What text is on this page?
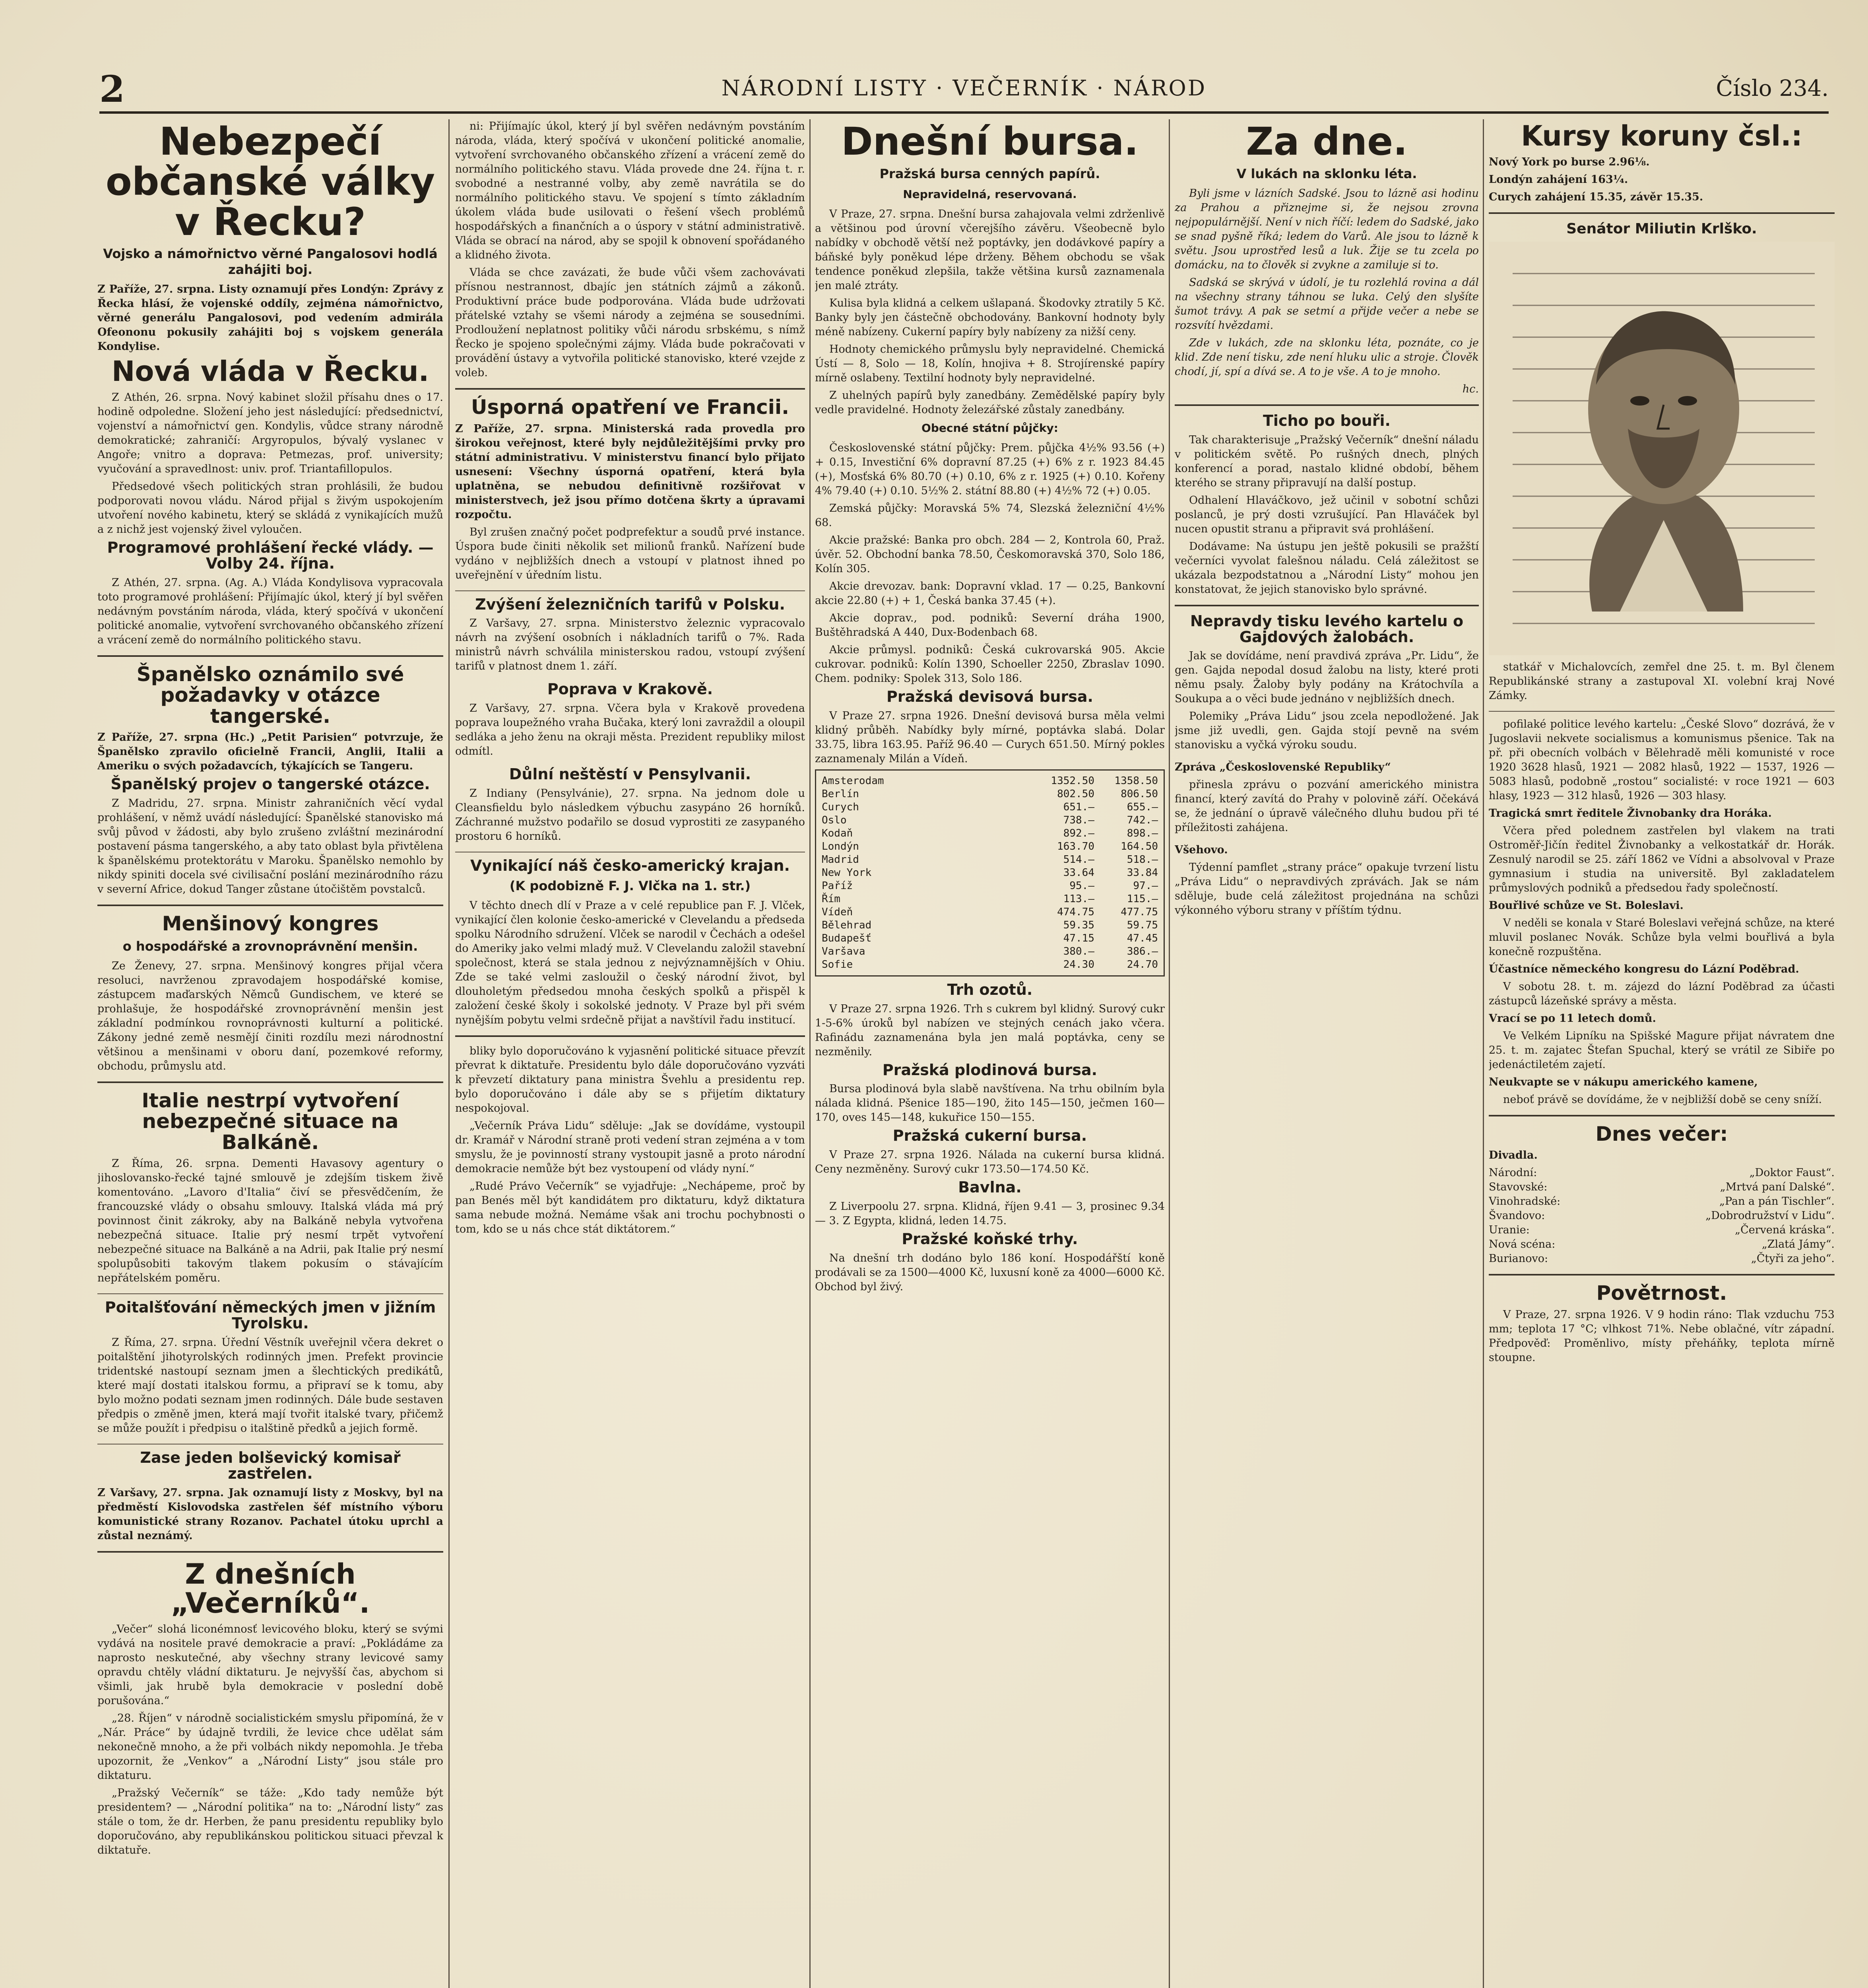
2	NÁRODNÍ LISTY · VEČERNÍK · NÁROD	Číslo 234.
Nebezpečí občanské války v Řecku?
Vojsko a námořnictvo věrné Pangalosovi hodlá zahájiti boj.
Z Paříže, 27. srpna. Listy oznamují přes Londýn: Zprávy z Řecka hlásí, že vojenské oddíly, zejména námořnictvo, věrné generálu Pangalosovi, pod vedením admirála Ofeononu pokusily zahájiti boj s vojskem generála Kondylise.
Nová vláda v Řecku.

Z Athén, 26. srpna. Nový kabinet složil přísahu dnes o 17. hodině odpoledne. Složení jeho jest následující: předsednictví, vojenství a námořnictví gen. Kondylis, vůdce strany národně demokratické; zahraničí: Argyropulos, bývalý vyslanec v Angoře; vnitro a doprava: Petmezas, prof. university; vyučování a spravedlnost: univ. prof. Triantafillopulos.

Předsedové všech politických stran prohlásili, že budou podporovati novou vládu. Národ přijal s živým uspokojením utvoření nového kabinetu, který se skládá z vynikajících mužů a z nichž jest vojenský živel vyloučen.

Programové prohlášení řecké vlády. — Volby 24. října.

Z Athén, 27. srpna. (Ag. A.) Vláda Kondylisova vypracovala toto programové prohlášení: Přijímajíc úkol, který jí byl svěřen nedávným povstáním národa, vláda, který spočívá v ukončení politické anomalie, vytvoření svrchovaného občanského zřízení a vrácení země do normálního politického stavu.

Španělsko oznámilo své požadavky v otázce tangerské.
Z Paříže, 27. srpna (Hc.) „Petit Parisien“ potvrzuje, že Španělsko zpravilo oficielně Francii, Anglii, Italii a Ameriku o svých požadavcích, týkajících se Tangeru.
Španělský projev o tangerské otázce.

Z Madridu, 27. srpna. Ministr zahraničních věcí vydal prohlášení, v němž uvádí následující: Španělské stanovisko má svůj původ v žádosti, aby bylo zrušeno zvláštní mezinárodní postavení pásma tangerského, a aby tato oblast byla přivtělena k španělskému protektorátu v Maroku. Španělsko nemohlo by nikdy spiniti docela své civilisační poslání mezinárodního rázu v severní Africe, dokud Tanger zůstane útočištěm povstalců.

Menšinový kongres
o hospodářské a zrovnoprávnění menšin.

Ze Ženevy, 27. srpna. Menšinový kongres přijal včera resoluci, navrženou zpravodajem hospodářské komise, zástupcem maďarských Němců Gundischem, ve které se prohlašuje, že hospodářské zrovnoprávnění menšin jest základní podmínkou rovnoprávnosti kulturní a politické. Zákony jedné země nesmějí činiti rozdílu mezi národnostní většinou a menšinami v oboru daní, pozemkové reformy, obchodu, průmyslu atd.

Italie nestrpí vytvoření nebezpečné situace na Balkáně.

Z Říma, 26. srpna. Dementi Havasovy agentury o jihoslovansko-řecké tajné smlouvě je zdejším tiskem živě komentováno. „Lavoro d'Italia“ čiví se přesvědčením, že francouzské vlády o obsahu smlouvy. Italská vláda má prý povinnost činit zákroky, aby na Balkáně nebyla vytvořena nebezpečná situace. Italie prý nesmí trpět vytvoření nebezpečné situace na Balkáně a na Adrii, pak Italie prý nesmí spolupůsobiti takovým tlakem pokusím o stávajícím nepřátelském poměru.

Poitalšťování německých jmen v jižním Tyrolsku.

Z Říma, 27. srpna. Úřední Věstník uveřejnil včera dekret o poitalštění jihotyrolských rodinných jmen. Prefekt provincie tridentské nastoupí seznam jmen a šlechtických predikátů, které mají dostati italskou formu, a připraví se k tomu, aby bylo možno podati seznam jmen rodinných. Dále bude sestaven předpis o změně jmen, která mají tvořit italské tvary, přičemž se může použít i předpisu o italštině předků a jejich formě.

Zase jeden bolševický komisař zastřelen.
Z Varšavy, 27. srpna. Jak oznamují listy z Moskvy, byl na předměstí Kislovodska zastřelen šéf místního výboru komunistické strany Rozanov. Pachatel útoku uprchl a zůstal neznámý.
Z dnešních „Večerníků“.

„Večer“ slohá liconémnosť levicového bloku, který se svými vydává na nositele pravé demokracie a praví: „Pokládáme za naprosto neskutečné, aby všechny strany levicové samy opravdu chtěly vládní diktaturu. Je nejvyšší čas, abychom si všimli, jak hrubě byla demokracie v poslední době porušována.“

„28. Říjen“ v národně socialistickém smyslu připomíná, že v „Nár. Práce“ by údajně tvrdili, že levice chce udělat sám nekonečně mnoho, a že při volbách nikdy nepomohla. Je třeba upozornit, že „Venkov“ a „Národní Listy“ jsou stále pro diktaturu.

„Pražský Večerník“ se táže: „Kdo tady nemůže být presidentem? — „Národní politika“ na to: „Národní listy“ zas stále o tom, že dr. Herben, že panu presidentu republiky bylo doporučováno, aby republikánskou politickou situaci převzal k diktatuře.

ni: Přijímajíc úkol, který jí byl svěřen nedávným povstáním národa, vláda, který spočívá v ukončení politické anomalie, vytvoření svrchovaného občanského zřízení a vrácení země do normálního politického stavu. Vláda provede dne 24. října t. r. svobodné a nestranné volby, aby země navrátila se do normálního politického stavu. Ve spojení s tímto základním úkolem vláda bude usilovati o řešení všech problémů hospodářských a finančních a o úspory v státní administrativě. Vláda se obrací na národ, aby se spojil k obnovení spořádaného a klidného života.

Vláda se chce zavázati, že bude vůči všem zachovávati přísnou nestrannost, dbajíc jen státních zájmů a zákonů. Produktivní práce bude podporována. Vláda bude udržovati přátelské vztahy se všemi národy a zejména se sousedními. Prodloužení neplatnost politiky vůči národu srbskému, s nímž Řecko je spojeno společnými zájmy. Vláda bude pokračovati v provádění ústavy a vytvořila politické stanovisko, které vzejde z voleb.

Úsporná opatření ve Francii.
Z Paříže, 27. srpna. Ministerská rada provedla pro širokou veřejnost, které byly nejdůležitějšími prvky pro státní administrativu. V ministerstvu financí bylo přijato usnesení: Všechny úsporná opatření, která byla uplatněna, se nebudou definitivně rozšiřovat v ministerstvech, jež jsou přímo dotčena škrty a úpravami rozpočtu.

Byl zrušen značný počet podprefektur a soudů prvé instance. Úspora bude činiti několik set milionů franků. Nařízení bude vydáno v nejbližších dnech a vstoupí v platnost ihned po uveřejnění v úředním listu.

Zvýšení železničních tarifů v Polsku.

Z Varšavy, 27. srpna. Ministerstvo železnic vypracovalo návrh na zvýšení osobních i nákladních tarifů o 7%. Rada ministrů návrh schválila ministerskou radou, vstoupí zvýšení tarifů v platnost dnem 1. září.

Poprava v Krakově.

Z Varšavy, 27. srpna. Včera byla v Krakově provedena poprava loupežného vraha Bučaka, který loni zavraždil a oloupil sedláka a jeho ženu na okraji města. Prezident republiky milost odmítl.

Důlní neštěstí v Pensylvanii.

Z Indiany (Pensylvánie), 27. srpna. Na jednom dole u Cleansfieldu bylo následkem výbuchu zasypáno 26 horníků. Záchranné mužstvo podařilo se dosud vyprostiti ze zasypaného prostoru 6 horníků.

Vynikající náš česko-americký krajan.
(K podobizně F. J. Vlčka na 1. str.)

V těchto dnech dlí v Praze a v celé republice pan F. J. Vlček, vynikající člen kolonie česko-americké v Clevelandu a předseda spolku Národního sdružení. Vlček se narodil v Čechách a odešel do Ameriky jako velmi mladý muž. V Clevelandu založil stavební společnost, která se stala jednou z nejvýznamnějších v Ohiu. Zde se také velmi zasloužil o český národní život, byl dlouholetým předsedou mnoha českých spolků a přispěl k založení české školy i sokolské jednoty. V Praze byl při svém nynějším pobytu velmi srdečně přijat a navštívil řadu institucí.

bliky bylo doporučováno k vyjasnění politické situace převzít převrat k diktatuře. Presidentu bylo dále doporučováno vyzváti k převzetí diktatury pana ministra Švehlu a presidentu rep. bylo doporučováno i dále aby se s přijetím diktatury nespokojoval.

„Večerník Práva Lidu“ sděluje: „Jak se dovídáme, vystoupil dr. Kramář v Národní straně proti vedení stran zejména a v tom smyslu, že je povinností strany vystoupit jasně a proto národní demokracie nemůže být bez vystoupení od vlády nyní.“

„Rudé Právo Večerník“ se vyjadřuje: „Nechápeme, proč by pan Benés měl být kandidátem pro diktaturu, když diktatura sama nebude možná. Nemáme však ani trochu pochybnosti o tom, kdo se u nás chce stát diktátorem.“

Dnešní bursa.
Pražská bursa cenných papírů.
Nepravidelná, reservovaná.

V Praze, 27. srpna. Dnešní bursa zahajovala velmi zdrženlivě a většinou pod úrovní včerejšího závěru. Všeobecně bylo nabídky v obchodě větší než poptávky, jen dodávkové papíry a báňské byly poněkud lépe drženy. Během obchodu se však tendence poněkud zlepšila, takže většina kursů zaznamenala jen malé ztráty.

Kulisa byla klidná a celkem ušlapaná. Škodovky ztratily 5 Kč. Banky byly jen částečně obchodovány. Bankovní hodnoty byly méně nabízeny. Cukerní papíry byly nabízeny za nižší ceny.

Hodnoty chemického průmyslu byly nepravidelné. Chemická Ústí — 8, Solo — 18, Kolín, hnojiva + 8. Strojírenské papíry mírně oslabeny. Textilní hodnoty byly nepravidelné.

Z uhelných papírů byly zanedbány. Zemědělské papíry byly vedle pravidelné. Hodnoty železářské zůstaly zanedbány.

Obecné státní půjčky:

Československé státní půjčky: Prem. půjčka 4½% 93.56 (+) + 0.15, Investiční 6% dopravní 87.25 (+) 6% z r. 1923 84.45 (+), Mosťská 6% 80.70 (+) 0.10, 6% z r. 1925 (+) 0.10. Kořeny 4% 79.40 (+) 0.10. 5½% 2. státní 88.80 (+) 4½% 72 (+) 0.05.

Zemská půjčky: Moravská 5% 74, Slezská železniční 4½% 68.

Akcie pražské: Banka pro obch. 284 — 2, Kontrola 60, Praž. úvěr. 52. Obchodní banka 78.50, Českomoravská 370, Solo 186, Kolín 305.

Akcie drevozav. bank: Dopravní vklad. 17 — 0.25, Bankovní akcie 22.80 (+) + 1, Česká banka 37.45 (+).

Akcie doprav., pod. podniků: Severní dráha 1900, Buštěhradská A 440, Dux-Bodenbach 68.

Akcie průmysl. podniků: Česká cukrovarská 905. Akcie cukrovar. podniků: Kolín 1390, Schoeller 2250, Zbraslav 1090. Chem. podniky: Spolek 313, Solo 186.

Pražská devisová bursa.

V Praze 27. srpna 1926. Dnešní devisová bursa měla velmi klidný průběh. Nabídky byly mírné, poptávka slabá. Dolar 33.75, libra 163.95. Paříž 96.40 — Curych 651.50. Mírný pokles zaznamenaly Milán a Vídeň.

Amsterodam	1352.50	1358.50
Berlín	802.50	806.50
Curych	651.—	655.—
Oslo	738.—	742.—
Kodaň	892.—	898.—
Londýn	163.70	164.50
Madrid	514.—	518.—
New York	33.64	33.84
Paříž	95.—	97.—
Řím	113.—	115.—
Vídeň	474.75	477.75
Bělehrad	59.35	59.75
Budapešť	47.15	47.45
Varšava	380.—	386.—
Sofie	24.30	24.70
Trh ozotů.

V Praze 27. srpna 1926. Trh s cukrem byl klidný. Surový cukr 1-5-6% úroků byl nabízen ve stejných cenách jako včera. Rafinádu zaznamenána byla jen malá poptávka, ceny se nezměnily.

Pražská plodinová bursa.

Bursa plodinová byla slabě navštívena. Na trhu obilním byla nálada klidná. Pšenice 185—190, žito 145—150, ječmen 160—170, oves 145—148, kukuřice 150—155.

Pražská cukerní bursa.

V Praze 27. srpna 1926. Nálada na cukerní bursa klidná. Ceny nezměněny. Surový cukr 173.50—174.50 Kč.

Bavlna.

Z Liverpoolu 27. srpna. Klidná, říjen 9.41 — 3, prosinec 9.34 — 3. Z Egypta, klidná, leden 14.75.

Pražské koňské trhy.

Na dnešní trh dodáno bylo 186 koní. Hospodářští koně prodávali se za 1500—4000 Kč, luxusní koně za 4000—6000 Kč. Obchod byl živý.

Za dne.
V lukách na sklonku léta.

Byli jsme v lázních Sadské. Jsou to lázně asi hodinu za Prahou a přiznejme si, že nejsou zrovna nejpopulárnější. Není v nich říčí: ledem do Sadské, jako se snad pyšně říká; ledem do Varů. Ale jsou to lázně k světu. Jsou uprostřed lesů a luk. Žije se tu zcela po domácku, na to člověk si zvykne a zamiluje si to.

Sadská se skrývá v údolí, je tu rozlehlá rovina a dál na všechny strany táhnou se luka. Celý den slyšíte šumot trávy. A pak se setmí a přijde večer a nebe se rozsvítí hvězdami.

Zde v lukách, zde na sklonku léta, poznáte, co je klid. Zde není tisku, zde není hluku ulic a stroje. Člověk chodí, jí, spí a dívá se. A to je vše. A to je mnoho.

hc.
Ticho po bouři.

Tak charakterisuje „Pražský Večerník“ dnešní náladu v politickém světě. Po rušných dnech, plných konferencí a porad, nastalo klidné období, během kterého se strany připravují na další postup.

Odhalení Hlaváčkovo, jež učinil v sobotní schůzi poslanců, je prý dosti vzrušující. Pan Hlaváček byl nucen opustit stranu a připravit svá prohlášení.

Dodávame: Na ústupu jen ještě pokusili se pražští večerníci vyvolat falešnou náladu. Celá záležitost se ukázala bezpodstatnou a „Národní Listy“ mohou jen konstatovat, že jejich stanovisko bylo správné.

Nepravdy tisku levého kartelu o Gajdových žalobách.

Jak se dovídáme, není pravdivá zpráva „Pr. Lidu“, že gen. Gajda nepodal dosud žalobu na listy, které proti němu psaly. Žaloby byly podány na Krátochvíla a Soukupa a o věci bude jednáno v nejbližších dnech.

Polemiky „Práva Lidu“ jsou zcela nepodložené. Jak jsme již uvedli, gen. Gajda stojí pevně na svém stanovisku a vyčká výroku soudu.

Zpráva „Československé Republiky“

přinesla zprávu o pozvání amerického ministra financí, který zavítá do Prahy v polovině září. Očekává se, že jednání o úpravě válečného dluhu budou při té příležitosti zahájena.

Všehovo.

Týdenní pamflet „strany práce“ opakuje tvrzení listu „Práva Lidu“ o nepravdivých zprávách. Jak se nám sděluje, bude celá záležitost projednána na schůzi výkonného výboru strany v příštím týdnu.

Kursy koruny čsl.:
Nový York po burse 2.96⅛.
Londýn zahájení 163¼.
Curych zahájení 15.35, závěr 15.35.
Senátor Miliutin Krlško.

statkář v Michalovcích, zemřel dne 25. t. m. Byl členem Republikánské strany a zastupoval XI. volební kraj Nové Zámky.

pofilaké politice levého kartelu: „České Slovo“ dozrává, že v Jugoslavii nekvete socialismus a komunismus pšenice. Tak na př. při obecních volbách v Bělehradě měli komunisté v roce 1920 3628 hlasů, 1921 — 2082 hlasů, 1922 — 1537, 1926 — 5083 hlasů, podobně „rostou“ socialisté: v roce 1921 — 603 hlasy, 1923 — 312 hlasů, 1926 — 303 hlasy.

Tragická smrt ředitele Živnobanky dra Horáka.

Včera před polednem zastřelen byl vlakem na trati Ostroměř-Jičín ředitel Živnobanky a velkostatkář dr. Horák. Zesnulý narodil se 25. září 1862 ve Vídni a absolvoval v Praze gymnasium i studia na universitě. Byl zakladatelem průmyslových podniků a předsedou řady společností.

Bouřlivé schůze ve St. Boleslavi.

V neděli se konala v Staré Boleslavi veřejná schůze, na které mluvil poslanec Novák. Schůze byla velmi bouřlivá a byla konečně rozpuštěna.

Účastníce německého kongresu do Lázní Poděbrad.

V sobotu 28. t. m. zájezd do lázní Poděbrad za účasti zástupců lázeňské správy a města.

Vrací se po 11 letech domů.

Ve Velkém Lipníku na Spišské Magure přijat návratem dne 25. t. m. zajatec Štefan Spuchal, který se vrátil ze Sibiře po jedenáctiletém zajetí.

Neukvapte se v nákupu amerického kamene,

neboť právě se dovídáme, že v nejbližší době se ceny sníží.

Dnes večer:
Divadla.
Národní:	„Doktor Faust“.
Stavovské:	„Mrtvá paní Dalské“.
Vinohradské:	„Pan a pán Tischler“.
Švandovo:	„Dobrodružství v Lidu“.
Uranie:	„Červená kráska“.
Nová scéna:	„Zlatá Jámy“.
Burianovo:	„Čtyři za jeho“.
Povětrnost.

V Praze, 27. srpna 1926. V 9 hodin ráno: Tlak vzduchu 753 mm; teplota 17 °C; vlhkost 71%. Nebe oblačné, vítr západní. Předpověď: Proměnlivo, místy přeháňky, teplota mírně stoupne.
